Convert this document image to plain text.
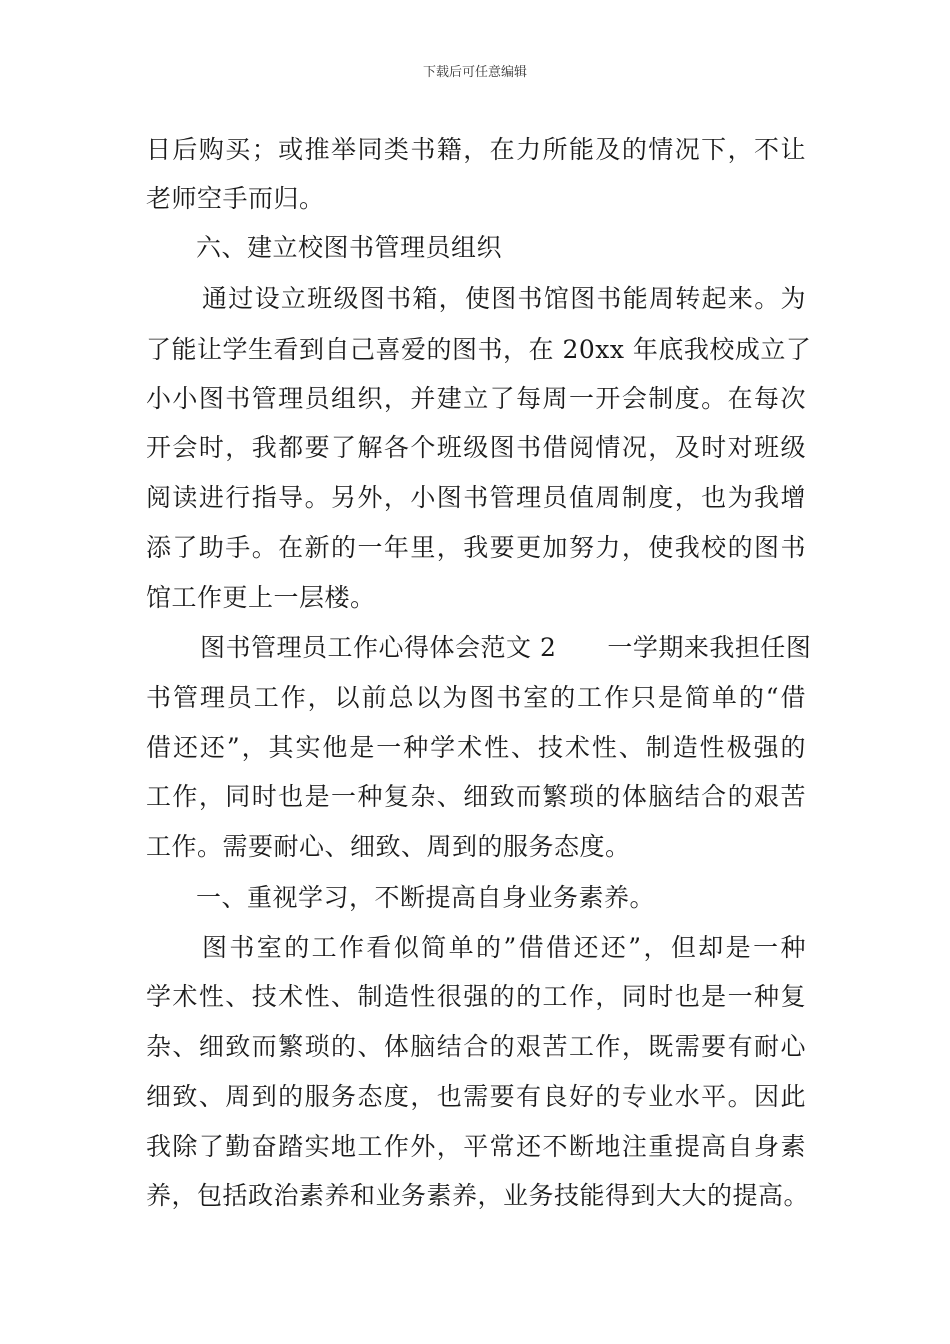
下载后可任意编辑
日后购买；或推举同类书籍，在力所能及的情况下，不让
老师空手而归。
六、建立校图书管理员组织
通过设立班级图书箱，使图书馆图书能周转起来。为
了能让学生看到自己喜爱的图书，在 20xx 年底我校成立了
小小图书管理员组织，并建立了每周一开会制度。在每次
开会时，我都要了解各个班级图书借阅情况，及时对班级
阅读进行指导。另外，小图书管理员值周制度，也为我增
添了助手。在新的一年里，我要更加努力，使我校的图书
馆工作更上一层楼。
图书管理员工作心得体会范文 2　　一学期来我担任图
书管理员工作，以前总以为图书室的工作只是简单的“借
借还还”，其实他是一种学术性、技术性、制造性极强的
工作，同时也是一种复杂、细致而繁琐的体脑结合的艰苦
工作。需要耐心、细致、周到的服务态度。
一、重视学习，不断提高自身业务素养。
图书室的工作看似简单的”借借还还”，但却是一种
学术性、技术性、制造性很强的的工作，同时也是一种复
杂、细致而繁琐的、体脑结合的艰苦工作，既需要有耐心
细致、周到的服务态度，也需要有良好的专业水平。因此
我除了勤奋踏实地工作外，平常还不断地注重提高自身素
养，包括政治素养和业务素养，业务技能得到大大的提高。
